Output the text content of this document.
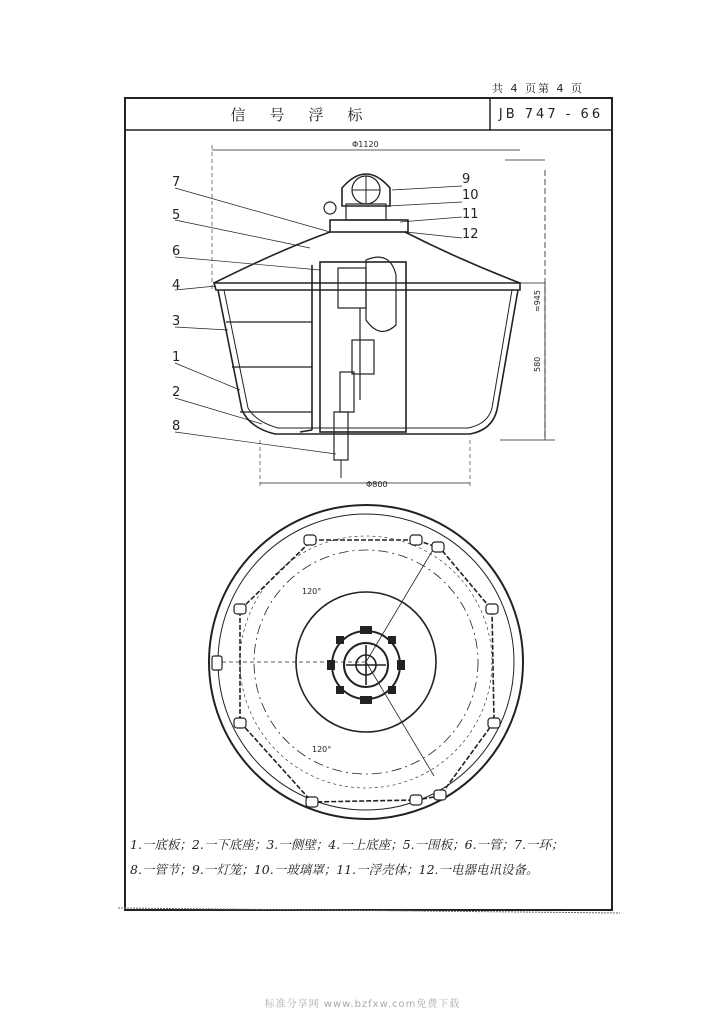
共 4 页第 4 页
7
5
6
4
3
1
2
8
9
10
11
12
Φ1120
Φ800
≈945
580
120°
120°
信号浮标	JB 747 - 66
1.一底板；2.一下底座；3.一侧壁；4.一上底座；5.一围板；6.一管；7.一环；
8.一管节；9.一灯笼；10.一玻璃罩；11.一浮壳体；12.一电器电讯设备。
标准分享网 www.bzfxw.com免费下载
